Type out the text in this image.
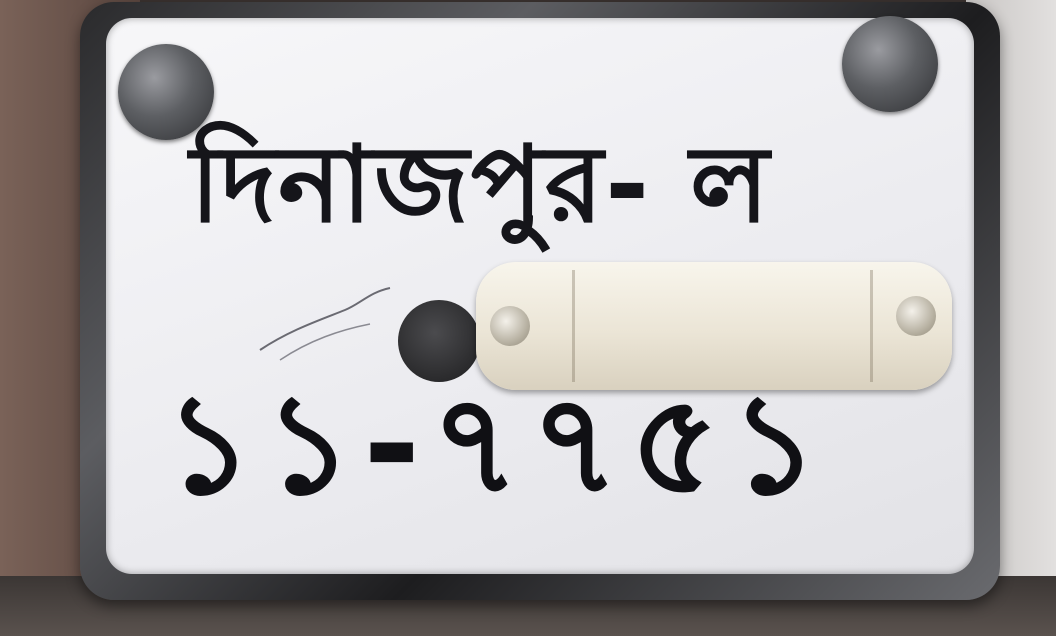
দিনাজপুর- ল

১১-৭৭৫১
